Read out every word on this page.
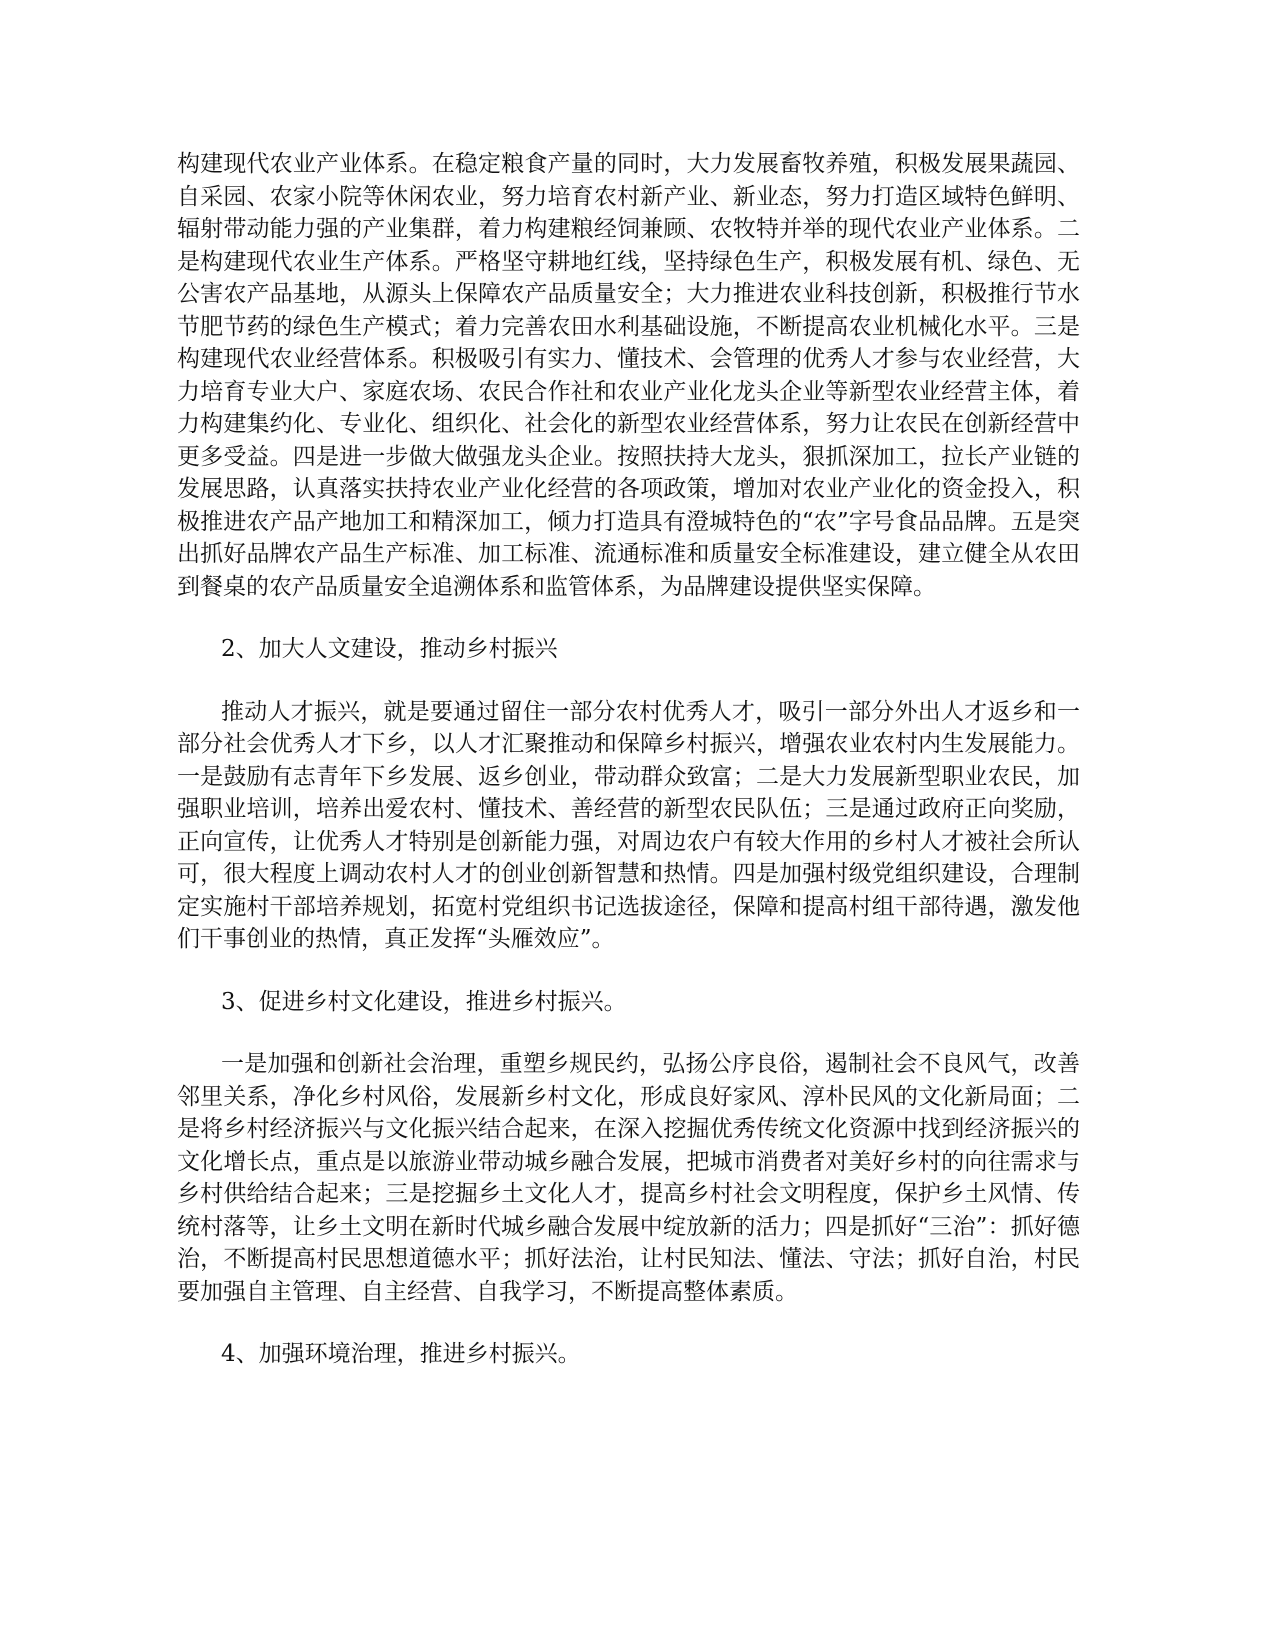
构建现代农业产业体系。在稳定粮食产量的同时，大力发展畜牧养殖，积极发展果蔬园、自采园、农家小院等休闲农业，努力培育农村新产业、新业态，努力打造区域特色鲜明、辐射带动能力强的产业集群，着力构建粮经饲兼顾、农牧特并举的现代农业产业体系。二是构建现代农业生产体系。严格坚守耕地红线，坚持绿色生产，积极发展有机、绿色、无公害农产品基地，从源头上保障农产品质量安全；大力推进农业科技创新，积极推行节水节肥节药的绿色生产模式；着力完善农田水利基础设施，不断提高农业机械化水平。三是构建现代农业经营体系。积极吸引有实力、懂技术、会管理的优秀人才参与农业经营，大力培育专业大户、家庭农场、农民合作社和农业产业化龙头企业等新型农业经营主体，着力构建集约化、专业化、组织化、社会化的新型农业经营体系，努力让农民在创新经营中更多受益。四是进一步做大做强龙头企业。按照扶持大龙头，狠抓深加工，拉长产业链的发展思路，认真落实扶持农业产业化经营的各项政策，增加对农业产业化的资金投入，积极推进农产品产地加工和精深加工，倾力打造具有澄城特色的“农”字号食品品牌。五是突出抓好品牌农产品生产标准、加工标准、流通标准和质量安全标准建设，建立健全从农田到餐桌的农产品质量安全追溯体系和监管体系，为品牌建设提供坚实保障。

2、加大人文建设，推动乡村振兴

推动人才振兴，就是要通过留住一部分农村优秀人才，吸引一部分外出人才返乡和一部分社会优秀人才下乡，以人才汇聚推动和保障乡村振兴，增强农业农村内生发展能力。一是鼓励有志青年下乡发展、返乡创业，带动群众致富；二是大力发展新型职业农民，加强职业培训，培养出爱农村、懂技术、善经营的新型农民队伍；三是通过政府正向奖励，正向宣传，让优秀人才特别是创新能力强，对周边农户有较大作用的乡村人才被社会所认可，很大程度上调动农村人才的创业创新智慧和热情。四是加强村级党组织建设，合理制定实施村干部培养规划，拓宽村党组织书记选拔途径，保障和提高村组干部待遇，激发他们干事创业的热情，真正发挥“头雁效应”。

3、促进乡村文化建设，推进乡村振兴。

一是加强和创新社会治理，重塑乡规民约，弘扬公序良俗，遏制社会不良风气，改善邻里关系，净化乡村风俗，发展新乡村文化，形成良好家风、淳朴民风的文化新局面；二是将乡村经济振兴与文化振兴结合起来，在深入挖掘优秀传统文化资源中找到经济振兴的文化增长点，重点是以旅游业带动城乡融合发展，把城市消费者对美好乡村的向往需求与乡村供给结合起来；三是挖掘乡土文化人才，提高乡村社会文明程度，保护乡土风情、传统村落等，让乡土文明在新时代城乡融合发展中绽放新的活力；四是抓好“三治”：抓好德治，不断提高村民思想道德水平；抓好法治，让村民知法、懂法、守法；抓好自治，村民要加强自主管理、自主经营、自我学习，不断提高整体素质。

4、加强环境治理，推进乡村振兴。
